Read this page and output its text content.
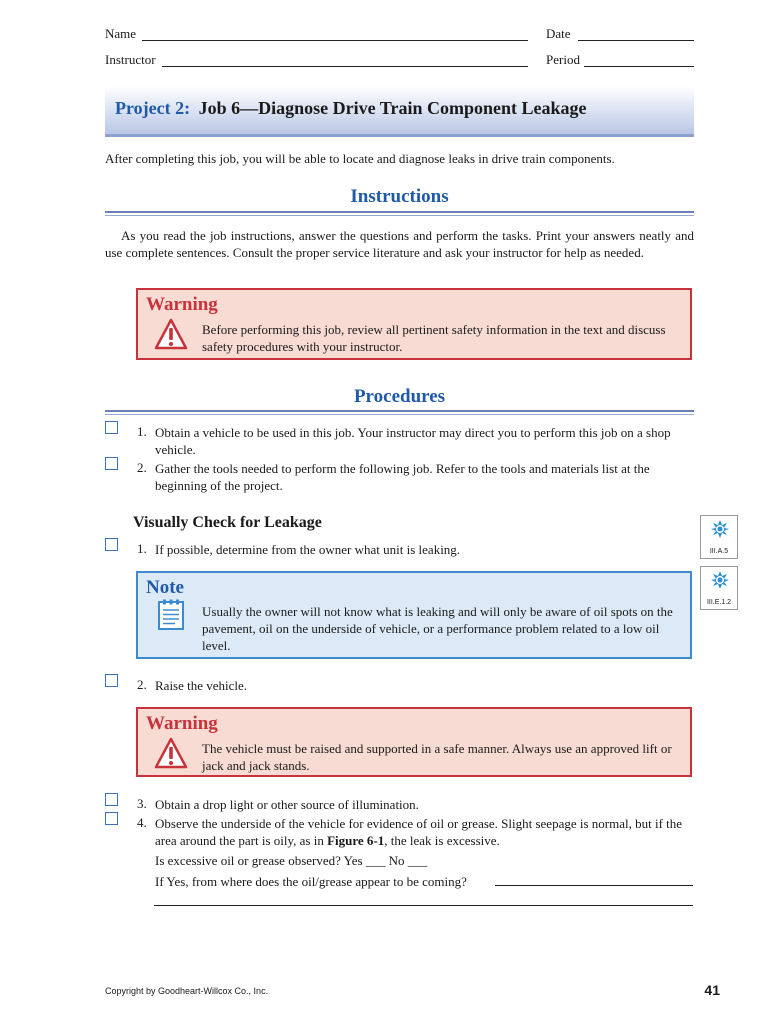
Name	Date
Instructor	Period
Project 2: Job 6—Diagnose Drive Train Component Leakage
After completing this job, you will be able to locate and diagnose leaks in drive train components.
Instructions
As you read the job instructions, answer the questions and perform the tasks. Print your answers neatly and use complete sentences. Consult the proper service literature and ask your instructor for help as needed.
Warning
Before performing this job, review all pertinent safety information in the text and discuss safety procedures with your instructor.
Procedures
1. Obtain a vehicle to be used in this job. Your instructor may direct you to perform this job on a shop vehicle.
2. Gather the tools needed to perform the following job. Refer to the tools and materials list at the beginning of the project.
Visually Check for Leakage
1. If possible, determine from the owner what unit is leaking.	III.A.5
III.E.1.2
Note
Usually the owner will not know what is leaking and will only be aware of oil spots on the pavement, oil on the underside of vehicle, or a performance problem related to a low oil level.
2. Raise the vehicle.
Warning
The vehicle must be raised and supported in a safe manner. Always use an approved lift or jack and jack stands.
3. Obtain a drop light or other source of illumination.
4. Observe the underside of the vehicle for evidence of oil or grease. Slight seepage is normal, but if the area around the part is oily, as in Figure 6-1, the leak is excessive.
Is excessive oil or grease observed? Yes ___ No ___
If Yes, from where does the oil/grease appear to be coming?
Copyright by Goodheart-Willcox Co., Inc.	41
